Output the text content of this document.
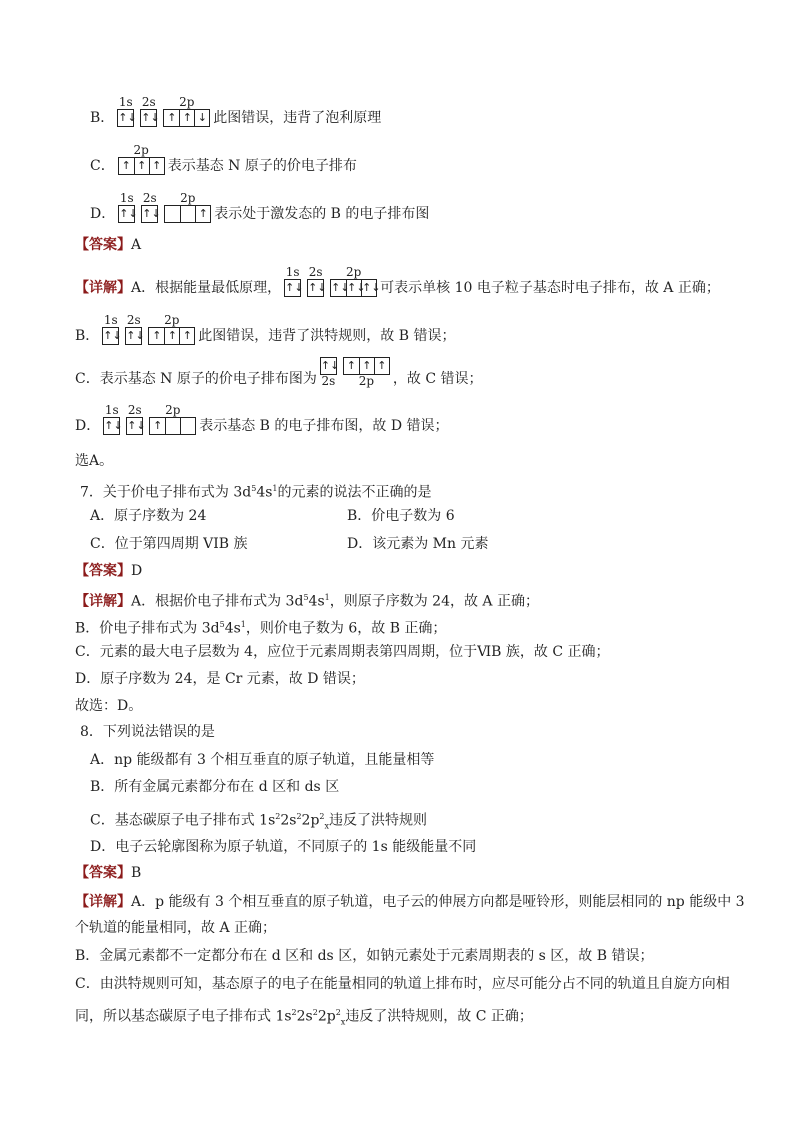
B．
1s
↑↓
2s
↑↓
2p
↑ ↑ ↓ 此图错误，违背了泡利原理
C．
2p
↑ ↑ ↑ 表示基态 N 原子的价电子排布
D．
1s
↑↓
2s
↑↓
2p
↑ 表示处于激发态的 B 的电子排布图
【答案】A
【详解】A．根据能量最低原理，
1s
↑↓
2s
↑↓
2p
↑↓
↑↓
↑↓ 可表示单核 10 电子粒子基态时电子排布，故 A 正确；
B．
1s
↑↓
2s
↑↓
2p
↑ ↑ ↑ 此图错误，违背了洪特规则，故 B 错误；
C．表示基态 N 原子的价电子排布图为
↑↓
2s
↑ ↑ ↑
2p ，故 C 错误；
D．
1s
↑↓
2s
↑↓
2p
↑	表示基态 B 的电子排布图，故 D 错误；
选A。
7．关于价电子排布式为 $3d^54s^1$的元素的说法不正确的是
A．原子序数为 24	B．价电子数为 6
C．位于第四周期 VIB 族	D．该元素为 Mn 元素
【答案】D
【详解】A．根据价电子排布式为 $3d^54s^1$，则原子序数为 24，故 A 正确；
B．价电子排布式为 $3d^54s^1$，则价电子数为 6，故 B 正确；
C．元素的最大电子层数为 4，应位于元素周期表第四周期，位于ⅥB 族，故 C 正确；
D．原子序数为 24，是 Cr 元素，故 D 错误；
故选：D。
8．下列说法错误的是
A．np 能级都有 3 个相互垂直的原子轨道，且能量相等
B．所有金属元素都分布在 d 区和 ds 区
C．基态碳原子电子排布式 $1s^22s^22p^2_x$违反了洪特规则
D．电子云轮廓图称为原子轨道，不同原子的 1s 能级能量不同
【答案】B
【详解】A．p 能级有 3 个相互垂直的原子轨道，电子云的伸展方向都是哑铃形，则能层相同的 np 能级中 3
个轨道的能量相同，故 A 正确；
B．金属元素都不一定都分布在 d 区和 ds 区，如钠元素处于元素周期表的 s 区，故 B 错误；
C．由洪特规则可知，基态原子的电子在能量相同的轨道上排布时，应尽可能分占不同的轨道且自旋方向相
同，所以基态碳原子电子排布式 $1s^22s^22p^2_x$违反了洪特规则，故 C 正确；
